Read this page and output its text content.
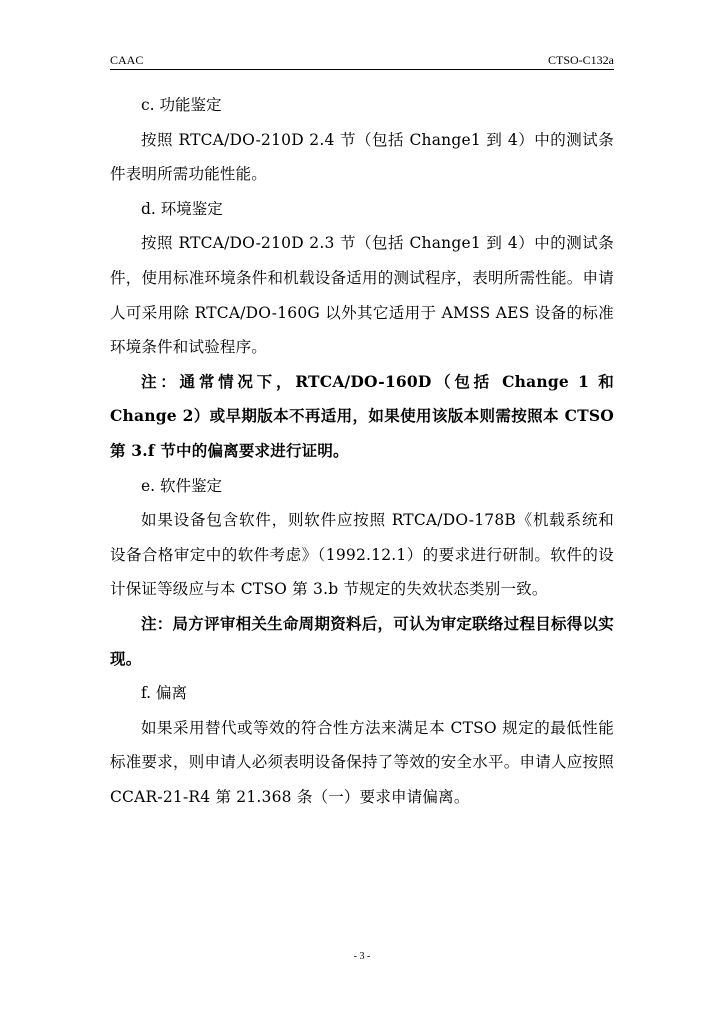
CAAC	CTSO-C132a

c. 功能鉴定

按照 RTCA/DO-210D 2.4 节（包括 Change1 到 4）中的测试条件表明所需功能性能。

d. 环境鉴定

按照 RTCA/DO-210D 2.3 节（包括 Change1 到 4）中的测试条件，使用标准环境条件和机载设备适用的测试程序，表明所需性能。申请人可采用除 RTCA/DO-160G 以外其它适用于 AMSS AES 设备的标准环境条件和试验程序。

注：通常情况下，RTCA/DO-160D（包括 Change 1 和 Change 2）或早期版本不再适用，如果使用该版本则需按照本 CTSO 第 3.f 节中的偏离要求进行证明。

e. 软件鉴定

如果设备包含软件，则软件应按照 RTCA/DO-178B《机载系统和设备合格审定中的软件考虑》（1992.12.1）的要求进行研制。软件的设计保证等级应与本 CTSO 第 3.b 节规定的失效状态类别一致。

注：局方评审相关生命周期资料后，可认为审定联络过程目标得以实现。

f. 偏离

如果采用替代或等效的符合性方法来满足本 CTSO 规定的最低性能标准要求，则申请人必须表明设备保持了等效的安全水平。申请人应按照 CCAR-21-R4 第 21.368 条（一）要求申请偏离。

- 3 -
